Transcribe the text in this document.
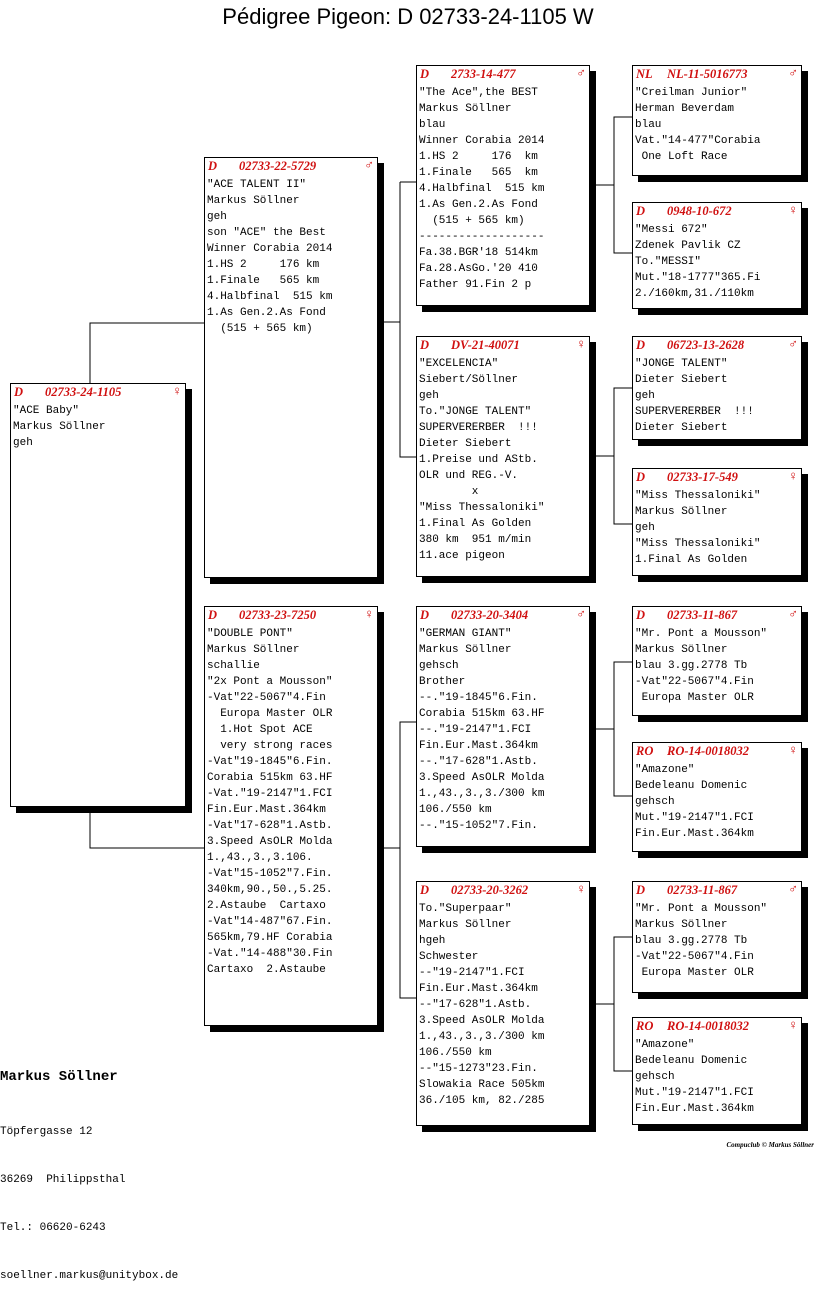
Pédigree Pigeon: D 02733-24-1105 W
D 02733-24-1105	♀
"ACE Baby"
Markus Söllner
geh
D 02733-22-5729	♂
"ACE TALENT II"
Markus Söllner
geh
son "ACE" the Best
Winner Corabia 2014
1.HS 2     176 km
1.Finale   565 km
4.Halbfinal  515 km
1.As Gen.2.As Fond
(515 + 565 km)
D 02733-23-7250	♀
"DOUBLE PONT"
Markus Söllner
schallie
"2x Pont a Mousson"
-Vat"22-5067"4.Fin
Europa Master OLR
1.Hot Spot ACE
very strong races
-Vat"19-1845"6.Fin.
Corabia 515km 63.HF
-Vat."19-2147"1.FCI
Fin.Eur.Mast.364km
-Vat"17-628"1.Astb.
3.Speed AsOLR Molda
1.,43.,3.,3.106.
-Vat"15-1052"7.Fin.
340km,90.,50.,5.25.
2.Astaube  Cartaxo
-Vat"14-487"67.Fin.
565km,79.HF Corabia
-Vat."14-488"30.Fin
Cartaxo  2.Astaube
D 2733-14-477	♂
"The Ace",the BEST
Markus Söllner
blau
Winner Corabia 2014
1.HS 2     176  km
1.Finale   565  km
4.Halbfinal  515 km
1.As Gen.2.As Fond
(515 + 565 km)
-------------------
Fa.38.BGR'18 514km
Fa.28.AsGo.'20 410
Father 91.Fin 2 p
D DV-21-40071	♀
"EXCELENCIA"
Siebert/Söllner
geh
To."JONGE TALENT"
SUPERVERERBER  !!!
Dieter Siebert
1.Preise und AStb.
OLR und REG.-V.
x
"Miss Thessaloniki"
1.Final As Golden
380 km  951 m/min
11.ace pigeon
D 02733-20-3404	♂
"GERMAN GIANT"
Markus Söllner
gehsch
Brother
--."19-1845"6.Fin.
Corabia 515km 63.HF
--."19-2147"1.FCI
Fin.Eur.Mast.364km
--."17-628"1.Astb.
3.Speed AsOLR Molda
1.,43.,3.,3./300 km
106./550 km
--."15-1052"7.Fin.
D 02733-20-3262	♀
To."Superpaar"
Markus Söllner
hgeh
Schwester
--"19-2147"1.FCI
Fin.Eur.Mast.364km
--"17-628"1.Astb.
3.Speed AsOLR Molda
1.,43.,3.,3./300 km
106./550 km
--"15-1273"23.Fin.
Slowakia Race 505km
36./105 km, 82./285
NL NL-11-5016773	♂
"Creilman Junior"
Herman Beverdam
blau
Vat."14-477"Corabia
One Loft Race
D 0948-10-672	♀
"Messi 672"
Zdenek Pavlik CZ
To."MESSI"
Mut."18-1777"365.Fi
2./160km,31./110km
D 06723-13-2628	♂
"JONGE TALENT"
Dieter Siebert
geh
SUPERVERERBER  !!!
Dieter Siebert
D 02733-17-549	♀
"Miss Thessaloniki"
Markus Söllner
geh
"Miss Thessaloniki"
1.Final As Golden
D 02733-11-867	♂
"Mr. Pont a Mousson"
Markus Söllner
blau 3.gg.2778 Tb
-Vat"22-5067"4.Fin
Europa Master OLR
RO RO-14-0018032	♀
"Amazone"
Bedeleanu Domenic
gehsch
Mut."19-2147"1.FCI
Fin.Eur.Mast.364km
D 02733-11-867	♂
"Mr. Pont a Mousson"
Markus Söllner
blau 3.gg.2778 Tb
-Vat"22-5067"4.Fin
Europa Master OLR
RO RO-14-0018032	♀
"Amazone"
Bedeleanu Domenic
gehsch
Mut."19-2147"1.FCI
Fin.Eur.Mast.364km

Markus Söllner

Töpfergasse 12

36269  Philippsthal

Tel.: 06620-6243

soellner.markus@unitybox.de

Compuclub © Markus Söllner
